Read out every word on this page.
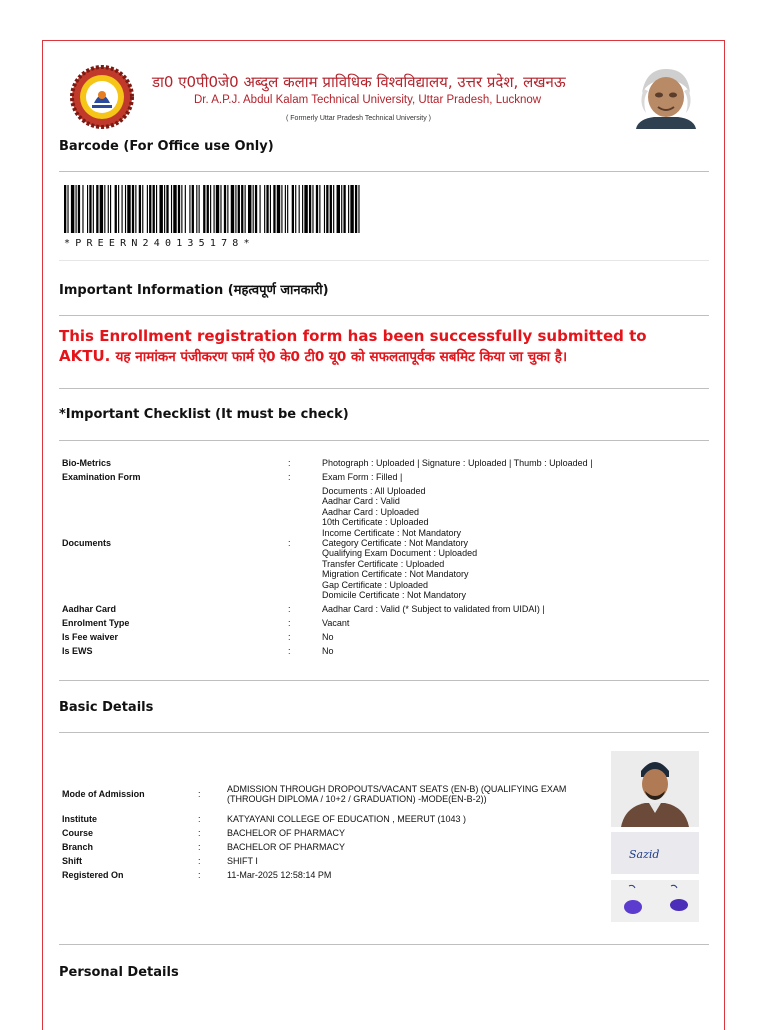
डा0 ए0पी0जे0 अब्दुल कलाम प्राविधिक विश्वविद्यालय, उत्तर प्रदेश, लखनऊ
Dr. A.P.J. Abdul Kalam Technical University, Uttar Pradesh, Lucknow
( Formerly Uttar Pradesh Technical University )
Barcode (For Office use Only)
*PREERN240135178*
Important Information (महत्वपूर्ण जानकारी)
This Enrollment registration form has been successfully submitted to AKTU. यह नामांकन पंजीकरण फार्म ऐ0 के0 टी0 यू0 को सफलतापूर्वक सबमिट किया जा चुका है।
*Important Checklist (It must be check)
Bio-Metrics	:	Photograph : Uploaded | Signature : Uploaded | Thumb : Uploaded |
Examination Form	:	Exam Form : Filled |
Documents	:
Documents : All Uploaded
Aadhar Card : Valid
Aadhar Card : Uploaded
10th Certificate : Uploaded
Income Certificate : Not Mandatory
Category Certificate : Not Mandatory
Qualifying Exam Document : Uploaded
Transfer Certificate : Uploaded
Migration Certificate : Not Mandatory
Gap Certificate : Uploaded
Domicile Certificate : Not Mandatory
Aadhar Card	:	Aadhar Card : Valid (* Subject to validated from UIDAI) |
Enrolment Type	:	Vacant
Is Fee waiver	:	No
Is EWS	:	No
Basic Details
Mode of Admission	:
ADMISSION THROUGH DROPOUTS/VACANT SEATS (EN-B) (QUALIFYING EXAM
(THROUGH DIPLOMA / 10+2 / GRADUATION) -MODE(EN-B-2))
Institute	:	KATYAYANI COLLEGE OF EDUCATION , MEERUT (1043 )
Course	:	BACHELOR OF PHARMACY
Branch	:	BACHELOR OF PHARMACY
Shift	:	SHIFT I
Registered On	:	11-Mar-2025 12:58:14 PM
Sazid
Personal Details
